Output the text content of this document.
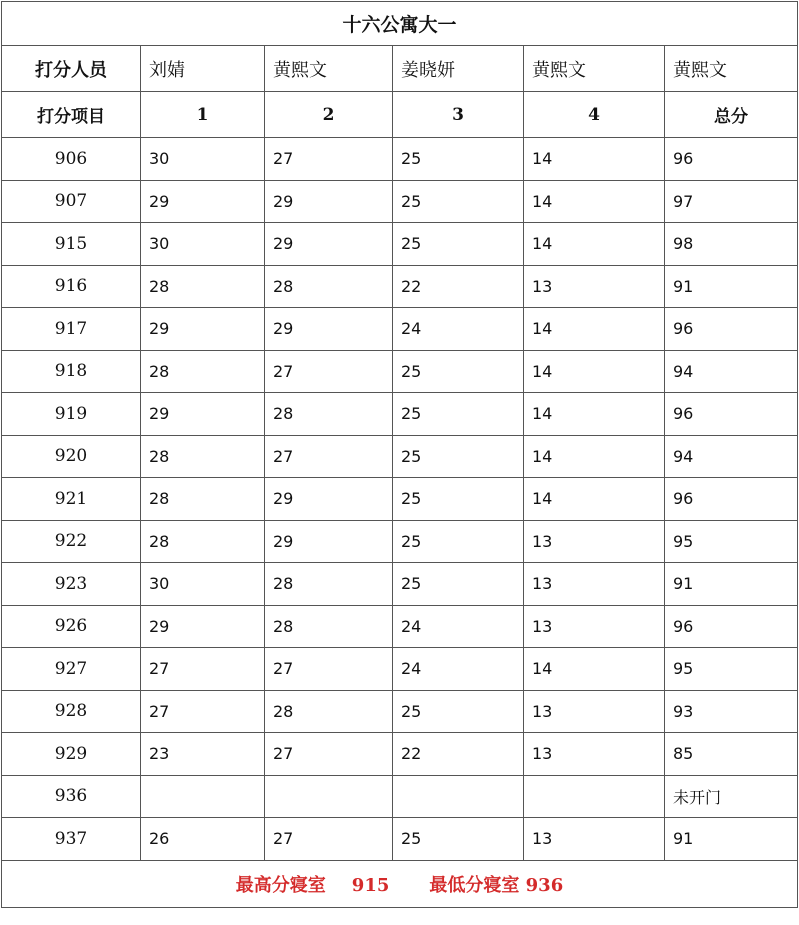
十六公寓大一					
打分人员	刘婧	黄熙文	姜晓妍	黄熙文	黄熙文
打分项目	1	2	3	4	总分
906	30	27	25	14	96
907	29	29	25	14	97
915	30	29	25	14	98
916	28	28	22	13	91
917	29	29	24	14	96
918	28	27	25	14	94
919	29	28	25	14	96
920	28	27	25	14	94
921	28	29	25	14	96
922	28	29	25	13	95
923	30	28	25	13	91
926	29	28	24	13	96
927	27	27	24	14	95
928	27	28	25	13	93
929	23	27	22	13	85
936					未开门
937	26	27	25	13	91
最高分寝室 915 最低分寝室 936					
